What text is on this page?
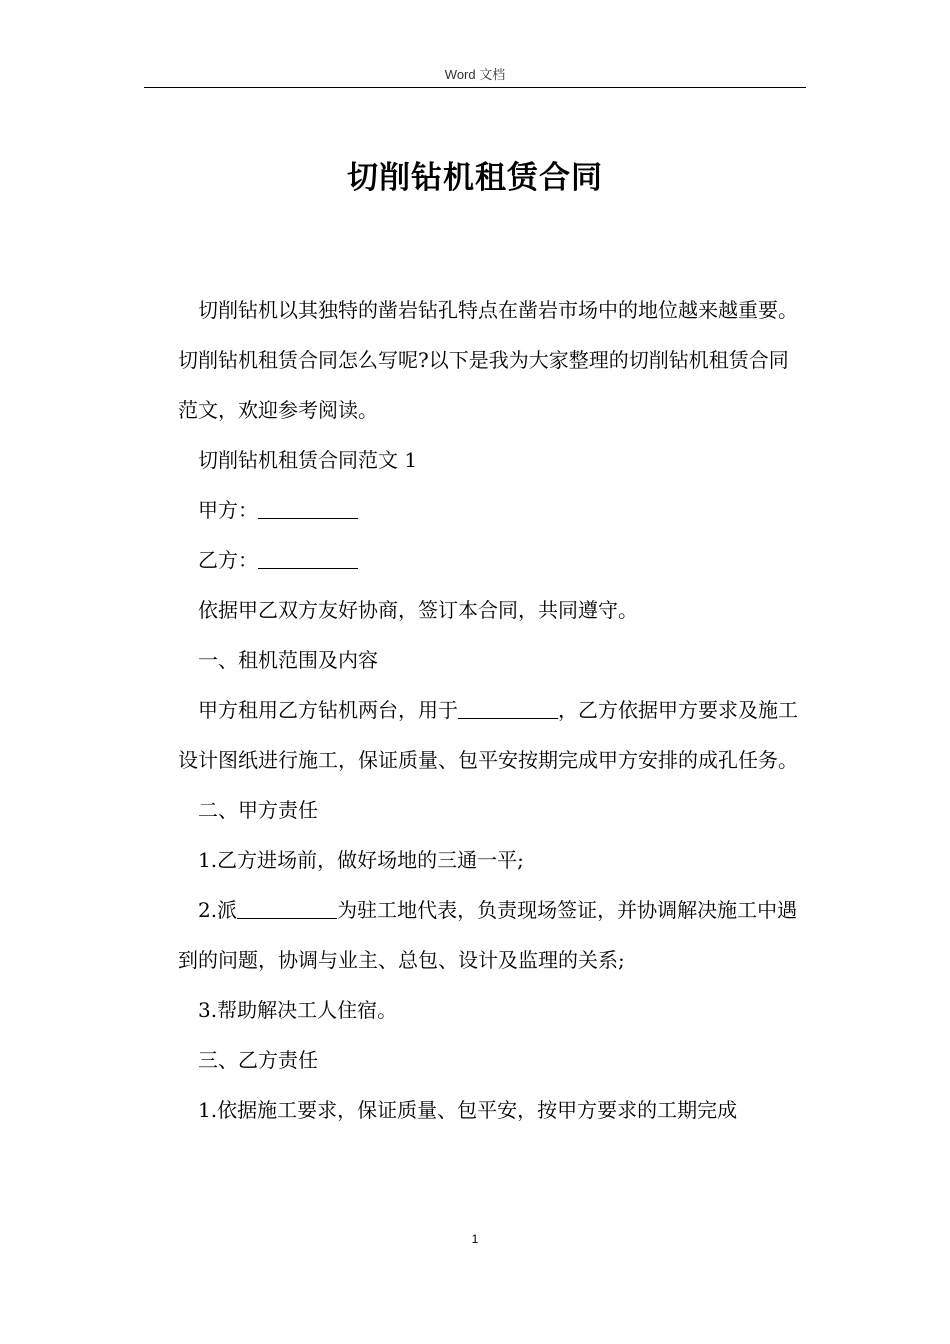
Word 文档
切削钻机租赁合同

切削钻机以其独特的凿岩钻孔特点在凿岩市场中的地位越来越重要。切削钻机租赁合同怎么写呢?以下是我为大家整理的切削钻机租赁合同范文，欢迎参考阅读。

切削钻机租赁合同范文 1

甲方：

乙方：

依据甲乙双方友好协商，签订本合同，共同遵守。

一、租机范围及内容

甲方租用乙方钻机两台，用于	，乙方依据甲方要求及施工设计图纸进行施工，保证质量、包平安按期完成甲方安排的成孔任务。

二、甲方责任

1.乙方进场前，做好场地的三通一平;

2.派	为驻工地代表，负责现场签证，并协调解决施工中遇到的问题，协调与业主、总包、设计及监理的关系;

3.帮助解决工人住宿。

三、乙方责任

1.依据施工要求，保证质量、包平安，按甲方要求的工期完成

1
